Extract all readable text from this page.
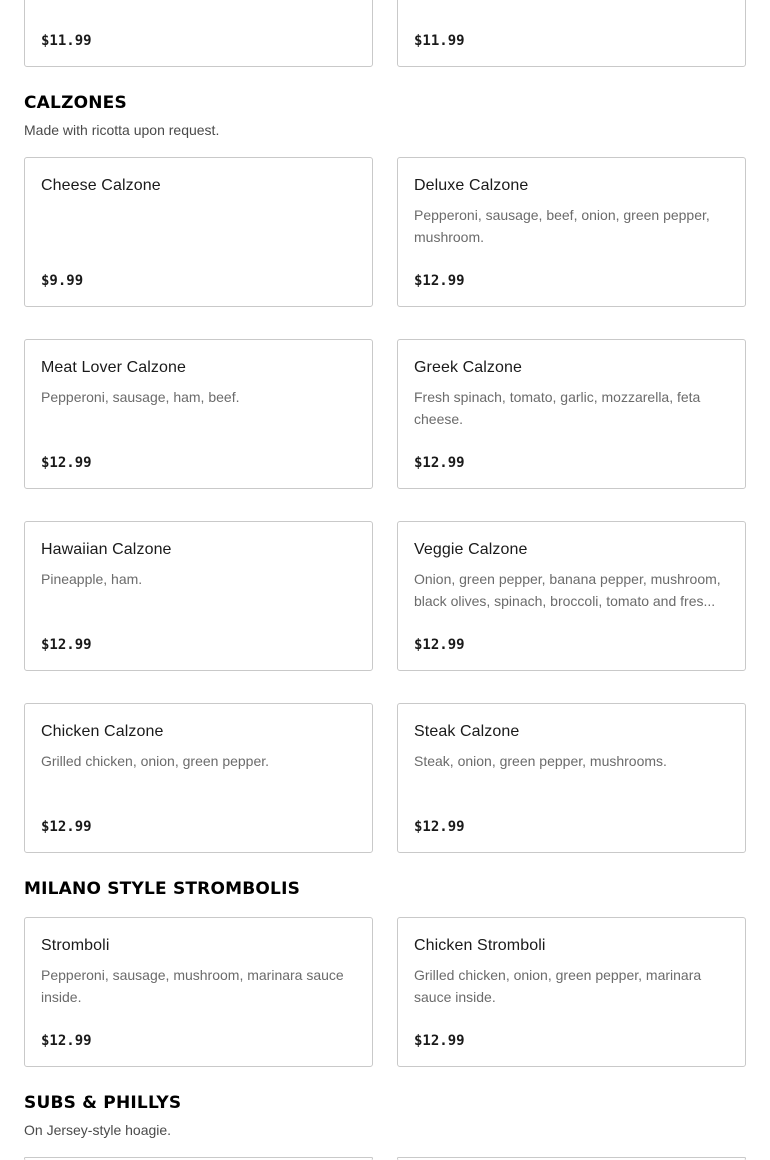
$11.99	$11.99
CALZONES
Made with ricotta upon request.
Cheese Calzone
$9.99
Deluxe Calzone
Pepperoni, sausage, beef, onion, green pepper, mushroom.
$12.99
Meat Lover Calzone
Pepperoni, sausage, ham, beef.
$12.99
Greek Calzone
Fresh spinach, tomato, garlic, mozzarella, feta cheese.
$12.99
Hawaiian Calzone
Pineapple, ham.
$12.99
Veggie Calzone
Onion, green pepper, banana pepper, mushroom, black olives, spinach, broccoli, tomato and fres...
$12.99
Chicken Calzone
Grilled chicken, onion, green pepper.
$12.99
Steak Calzone
Steak, onion, green pepper, mushrooms.
$12.99
MILANO STYLE STROMBOLIS
Stromboli
Pepperoni, sausage, mushroom, marinara sauce inside.
$12.99
Chicken Stromboli
Grilled chicken, onion, green pepper, marinara sauce inside.
$12.99
SUBS & PHILLYS
On Jersey-style hoagie.
